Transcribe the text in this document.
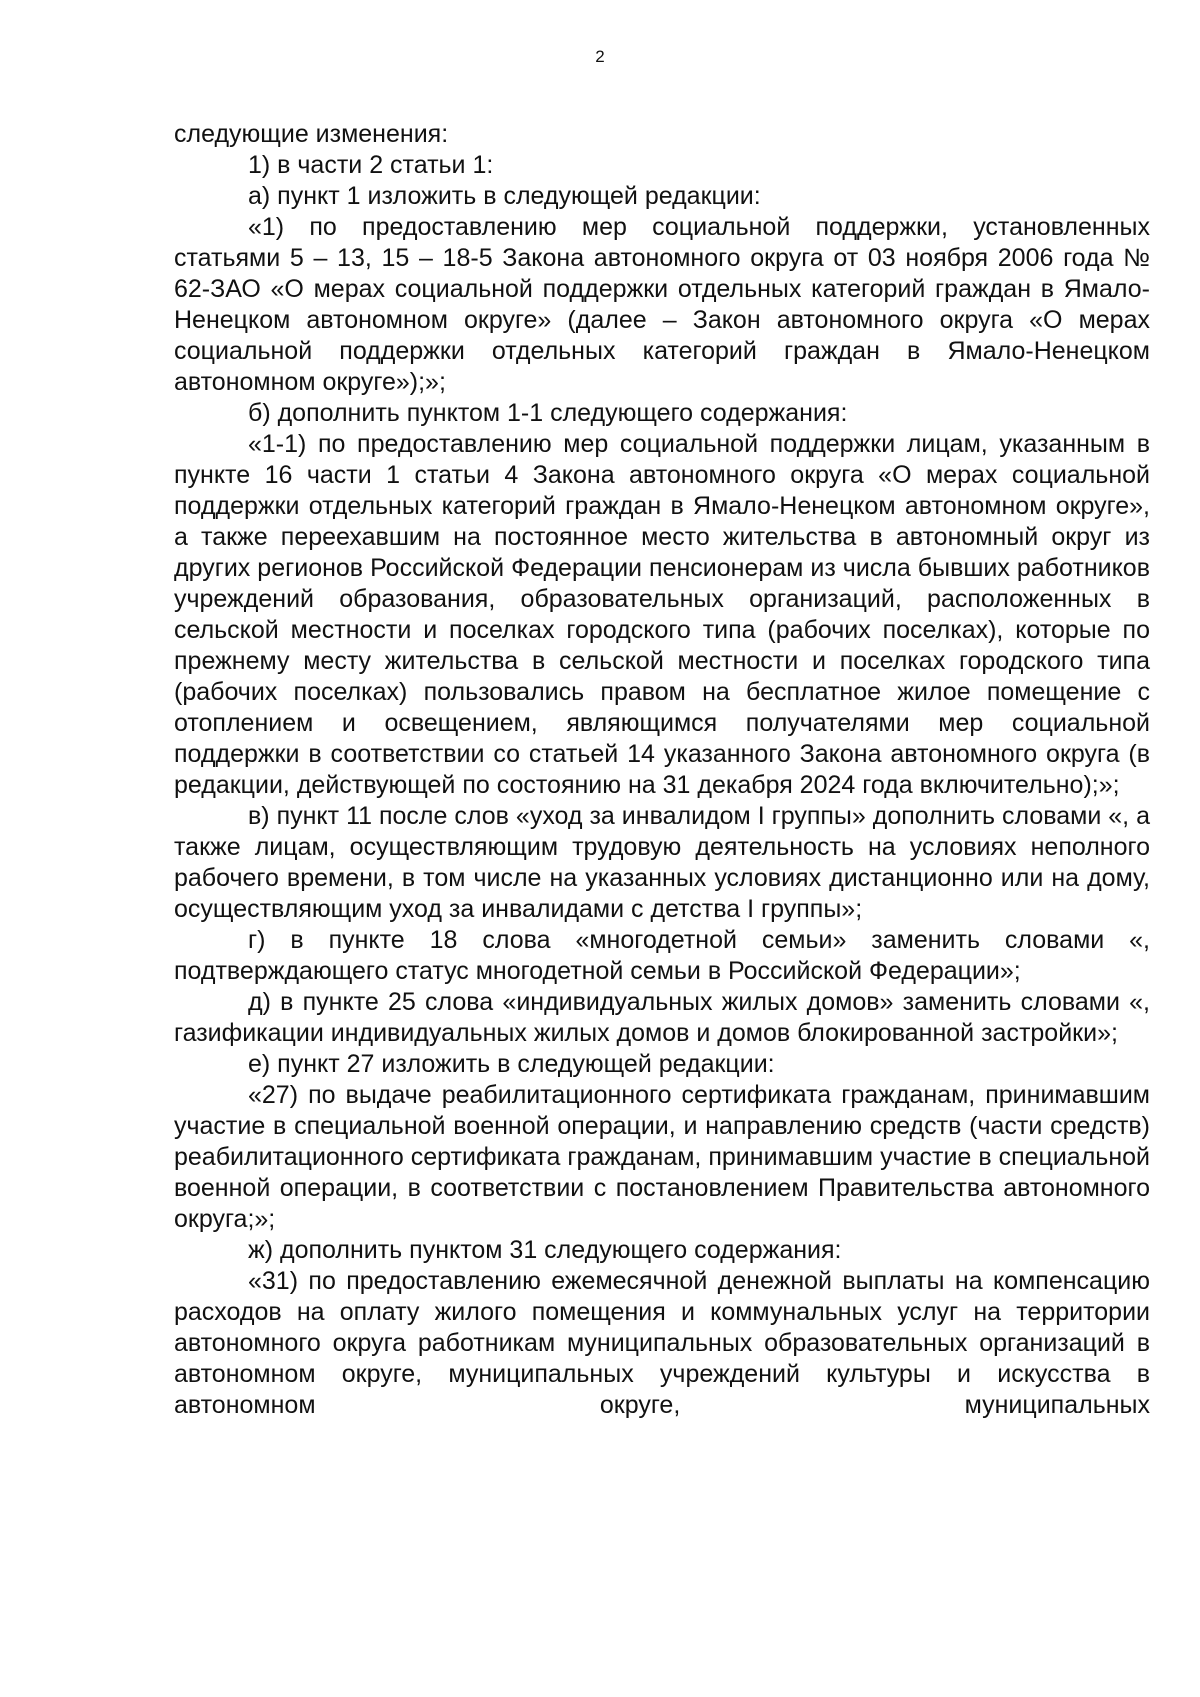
2

следующие изменения:

1) в части 2 статьи 1:

а) пункт 1 изложить в следующей редакции:

«1) по предоставлению мер социальной поддержки, установленных статьями 5 – 13, 15 – 18-5 Закона автономного округа от 03 ноября 2006 года № 62-ЗАО «О мерах социальной поддержки отдельных категорий граждан в Ямало-Ненецком автономном округе» (далее – Закон автономного округа «О мерах социальной поддержки отдельных категорий граждан в Ямало-Ненецком автономном округе»);»;

б) дополнить пунктом 1-1 следующего содержания:

«1-1) по предоставлению мер социальной поддержки лицам, указанным в пункте 16 части 1 статьи 4 Закона автономного округа «О мерах социальной поддержки отдельных категорий граждан в Ямало-Ненецком автономном округе», а также переехавшим на постоянное место жительства в автономный округ из других регионов Российской Федерации пенсионерам из числа бывших работников учреждений образования, образовательных организаций, расположенных в сельской местности и поселках городского типа (рабочих поселках), которые по прежнему месту жительства в сельской местности и поселках городского типа (рабочих поселках) пользовались правом на бесплатное жилое помещение с отоплением и освещением, являющимся получателями мер социальной поддержки в соответствии со статьей 14 указанного Закона автономного округа (в редакции, действующей по состоянию на 31 декабря 2024 года включительно);»;

в) пункт 11 после слов «уход за инвалидом I группы» дополнить словами «, а также лицам, осуществляющим трудовую деятельность на условиях неполного рабочего времени, в том числе на указанных условиях дистанционно или на дому, осуществляющим уход за инвалидами с детства I группы»;

г) в пункте 18 слова «многодетной семьи» заменить словами «, подтверждающего статус многодетной семьи в Российской Федерации»;

д) в пункте 25 слова «индивидуальных жилых домов» заменить словами «, газификации индивидуальных жилых домов и домов блокированной застройки»;

е) пункт 27 изложить в следующей редакции:

«27) по выдаче реабилитационного сертификата гражданам, принимавшим участие в специальной военной операции, и направлению средств (части средств) реабилитационного сертификата гражданам, принимавшим участие в специальной военной операции, в соответствии с постановлением Правительства автономного округа;»;

ж) дополнить пунктом 31 следующего содержания:

«31) по предоставлению ежемесячной денежной выплаты на компенсацию расходов на оплату жилого помещения и коммунальных услуг на территории автономного округа работникам муниципальных образовательных организаций в автономном округе, муниципальных учреждений культуры и искусства в автономном округе, муниципальных
